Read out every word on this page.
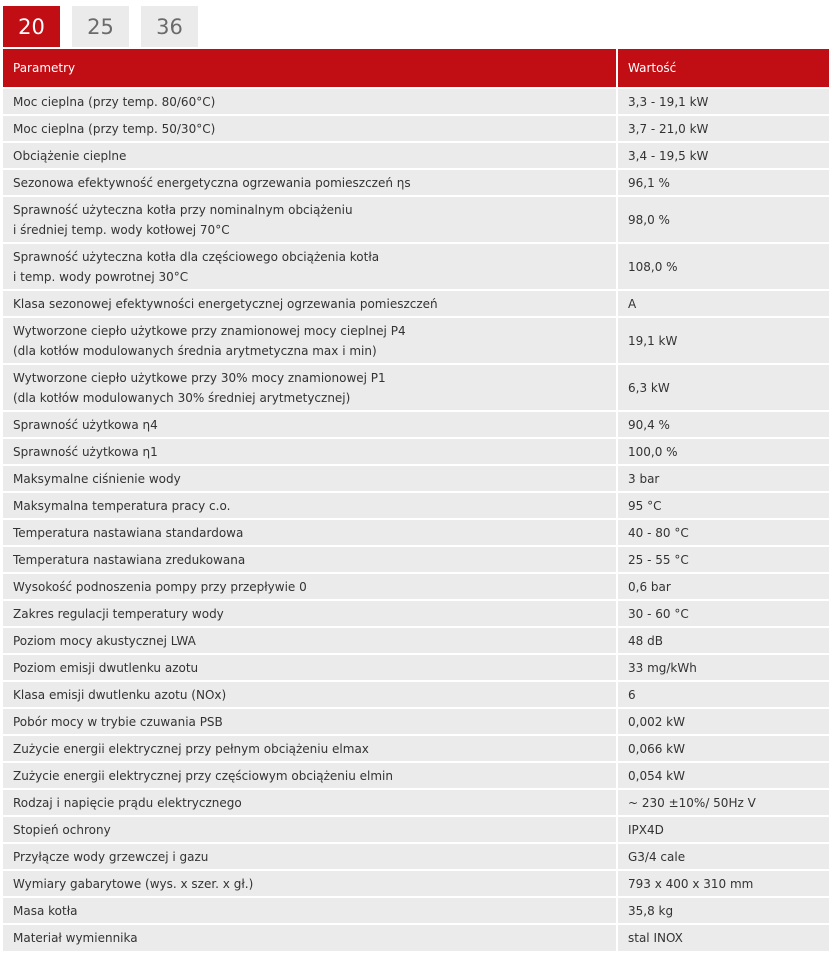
20	25	36
Parametry	Wartość
Moc cieplna (przy temp. 80/60°C)	3,3 - 19,1 kW
Moc cieplna (przy temp. 50/30°C)	3,7 - 21,0 kW
Obciążenie cieplne	3,4 - 19,5 kW
Sezonowa efektywność energetyczna ogrzewania pomieszczeń ηs	96,1 %
Sprawność użyteczna kotła przy nominalnym obciążeniu
i średniej temp. wody kotłowej 70°C	98,0 %
Sprawność użyteczna kotła dla częściowego obciążenia kotła
i temp. wody powrotnej 30°C	108,0 %
Klasa sezonowej efektywności energetycznej ogrzewania pomieszczeń	A
Wytworzone ciepło użytkowe przy znamionowej mocy cieplnej P4
(dla kotłów modulowanych średnia arytmetyczna max i min)	19,1 kW
Wytworzone ciepło użytkowe przy 30% mocy znamionowej P1
(dla kotłów modulowanych 30% średniej arytmetycznej)	6,3 kW
Sprawność użytkowa η4	90,4 %
Sprawność użytkowa η1	100,0 %
Maksymalne ciśnienie wody	3 bar
Maksymalna temperatura pracy c.o.	95 °C
Temperatura nastawiana standardowa	40 - 80 °C
Temperatura nastawiana zredukowana	25 - 55 °C
Wysokość podnoszenia pompy przy przepływie 0	0,6 bar
Zakres regulacji temperatury wody	30 - 60 °C
Poziom mocy akustycznej LWA	48 dB
Poziom emisji dwutlenku azotu	33 mg/kWh
Klasa emisji dwutlenku azotu (NOx)	6
Pobór mocy w trybie czuwania PSB	0,002 kW
Zużycie energii elektrycznej przy pełnym obciążeniu elmax	0,066 kW
Zużycie energii elektrycznej przy częściowym obciążeniu elmin	0,054 kW
Rodzaj i napięcie prądu elektrycznego	~ 230 ±10%/ 50Hz V
Stopień ochrony	IPX4D
Przyłącze wody grzewczej i gazu	G3/4 cale
Wymiary gabarytowe (wys. x szer. x gł.)	793 x 400 x 310 mm
Masa kotła	35,8 kg
Materiał wymiennika	stal INOX
